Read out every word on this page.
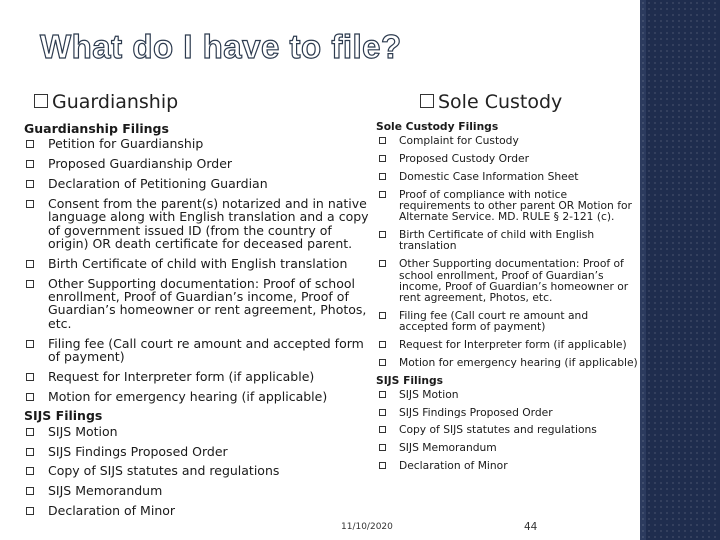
What do I have to file?
Guardianship	Sole Custody
Guardianship Filings
Petition for Guardianship
Proposed Guardianship Order
Declaration of Petitioning Guardian
Consent from the parent(s) notarized and in native language along with English translation and a copy of government issued ID (from the country of origin) OR death certificate for deceased parent.
Birth Certificate of child with English translation
Other Supporting documentation: Proof of school enrollment, Proof of Guardian’s income, Proof of Guardian’s homeowner or rent agreement, Photos, etc.
Filing fee (Call court re amount and accepted form of payment)
Request for Interpreter form (if applicable)
Motion for emergency hearing (if applicable)
SIJS Filings
SIJS Motion
SIJS Findings Proposed Order
Copy of SIJS statutes and regulations
SIJS Memorandum
Declaration of Minor
Sole Custody Filings
Complaint for Custody
Proposed Custody Order
Domestic Case Information Sheet
Proof of compliance with notice requirements to other parent OR Motion for Alternate Service. MD. RULE § 2-121 (c).
Birth Certificate of child with English translation
Other Supporting documentation: Proof of school enrollment, Proof of Guardian’s income, Proof of Guardian’s homeowner or rent agreement, Photos, etc.
Filing fee (Call court re amount and accepted form of payment)
Request for Interpreter form (if applicable)
Motion for emergency hearing (if applicable)
SIJS Filings
SIJS Motion
SIJS Findings Proposed Order
Copy of SIJS statutes and regulations
SIJS Memorandum
Declaration of Minor
11/10/2020	44
